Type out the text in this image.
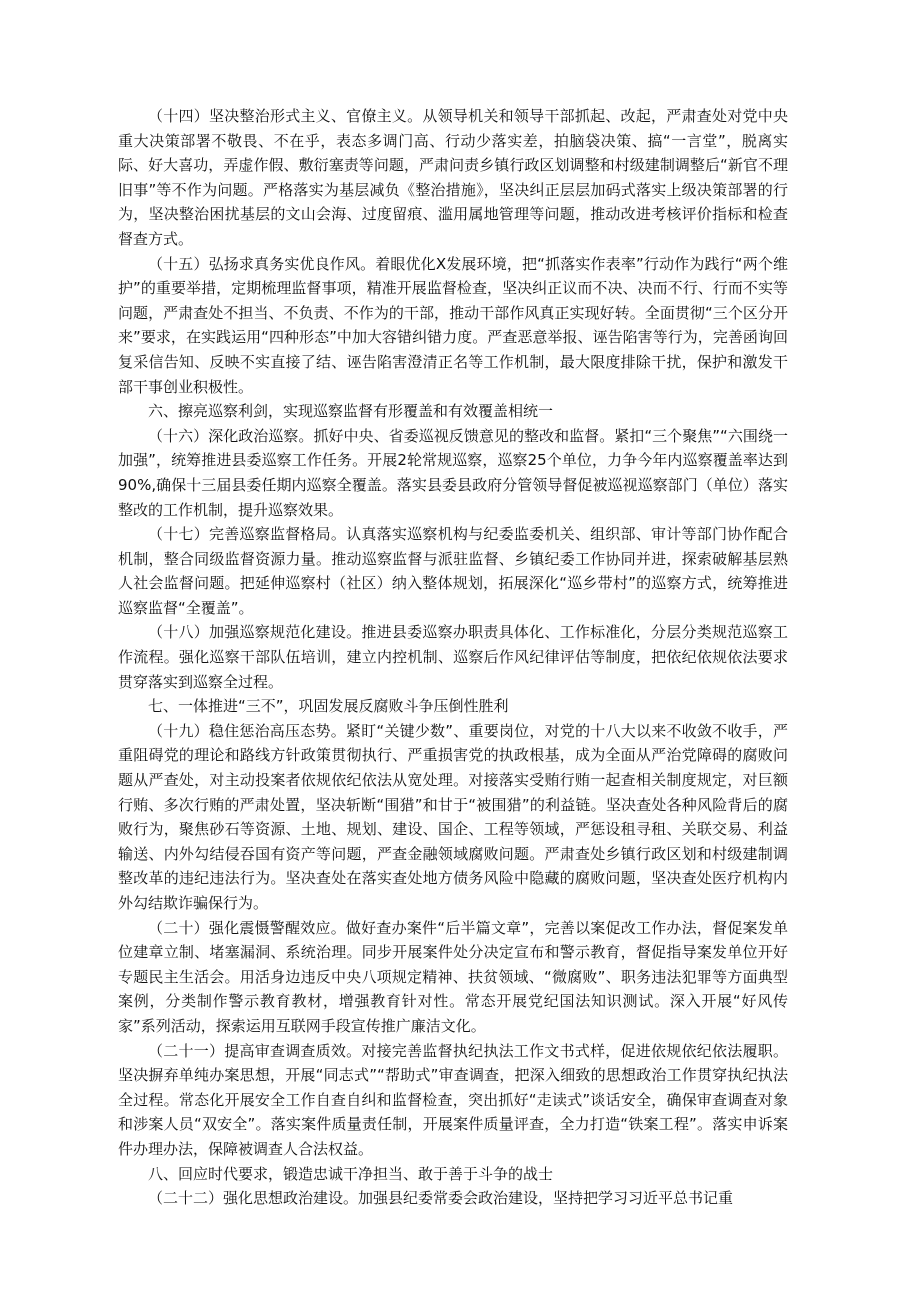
（十四）坚决整治形式主义、官僚主义。从领导机关和领导干部抓起、改起，严肃查处对党中央重大决策部署不敬畏、不在乎，表态多调门高、行动少落实差，拍脑袋决策、搞“一言堂”，脱离实际、好大喜功，弄虚作假、敷衍塞责等问题，严肃问责乡镇行政区划调整和村级建制调整后“新官不理旧事”等不作为问题。严格落实为基层减负《整治措施》，坚决纠正层层加码式落实上级决策部署的行为，坚决整治困扰基层的文山会海、过度留痕、滥用属地管理等问题，推动改进考核评价指标和检查督查方式。

（十五）弘扬求真务实优良作风。着眼优化X发展环境，把“抓落实作表率”行动作为践行“两个维护”的重要举措，定期梳理监督事项，精准开展监督检查，坚决纠正议而不决、决而不行、行而不实等问题，严肃查处不担当、不负责、不作为的干部，推动干部作风真正实现好转。全面贯彻“三个区分开来”要求，在实践运用“四种形态”中加大容错纠错力度。严查恶意举报、诬告陷害等行为，完善函询回复采信告知、反映不实直接了结、诬告陷害澄清正名等工作机制，最大限度排除干扰，保护和激发干部干事创业积极性。

六、擦亮巡察利剑，实现巡察监督有形覆盖和有效覆盖相统一

（十六）深化政治巡察。抓好中央、省委巡视反馈意见的整改和监督。紧扣“三个聚焦”“六围绕一加强”，统筹推进县委巡察工作任务。开展2轮常规巡察，巡察25个单位，力争今年内巡察覆盖率达到90%,确保十三届县委任期内巡察全覆盖。落实县委县政府分管领导督促被巡视巡察部门（单位）落实整改的工作机制，提升巡察效果。

（十七）完善巡察监督格局。认真落实巡察机构与纪委监委机关、组织部、审计等部门协作配合机制，整合同级监督资源力量。推动巡察监督与派驻监督、乡镇纪委工作协同并进，探索破解基层熟人社会监督问题。把延伸巡察村（社区）纳入整体规划，拓展深化“巡乡带村”的巡察方式，统筹推进巡察监督“全覆盖”。

（十八）加强巡察规范化建设。推进县委巡察办职责具体化、工作标准化，分层分类规范巡察工作流程。强化巡察干部队伍培训，建立内控机制、巡察后作风纪律评估等制度，把依纪依规依法要求贯穿落实到巡察全过程。

七、一体推进“三不”，巩固发展反腐败斗争压倒性胜利

（十九）稳住惩治高压态势。紧盯“关键少数”、重要岗位，对党的十八大以来不收敛不收手，严重阻碍党的理论和路线方针政策贯彻执行、严重损害党的执政根基，成为全面从严治党障碍的腐败问题从严查处，对主动投案者依规依纪依法从宽处理。对接落实受贿行贿一起查相关制度规定，对巨额行贿、多次行贿的严肃处置，坚决斩断“围猎”和甘于“被围猎”的利益链。坚决查处各种风险背后的腐败行为，聚焦砂石等资源、土地、规划、建设、国企、工程等领域，严惩设租寻租、关联交易、利益输送、内外勾结侵吞国有资产等问题，严查金融领域腐败问题。严肃查处乡镇行政区划和村级建制调整改革的违纪违法行为。坚决查处在落实查处地方债务风险中隐藏的腐败问题，坚决查处医疗机构内外勾结欺诈骗保行为。

（二十）强化震慑警醒效应。做好查办案件“后半篇文章”，完善以案促改工作办法，督促案发单位建章立制、堵塞漏洞、系统治理。同步开展案件处分决定宣布和警示教育，督促指导案发单位开好专题民主生活会。用活身边违反中央八项规定精神、扶贫领域、“微腐败”、职务违法犯罪等方面典型案例，分类制作警示教育教材，增强教育针对性。常态开展党纪国法知识测试。深入开展“好风传家”系列活动，探索运用互联网手段宣传推广廉洁文化。

（二十一）提高审查调查质效。对接完善监督执纪执法工作文书式样，促进依规依纪依法履职。坚决摒弃单纯办案思想，开展“同志式”“帮助式”审查调查，把深入细致的思想政治工作贯穿执纪执法全过程。常态化开展安全工作自查自纠和监督检查，突出抓好“走读式”谈话安全，确保审查调查对象和涉案人员“双安全”。落实案件质量责任制，开展案件质量评查，全力打造“铁案工程”。落实申诉案件办理办法，保障被调查人合法权益。

八、回应时代要求，锻造忠诚干净担当、敢于善于斗争的战士

（二十二）强化思想政治建设。加强县纪委常委会政治建设，坚持把学习习近平总书记重
